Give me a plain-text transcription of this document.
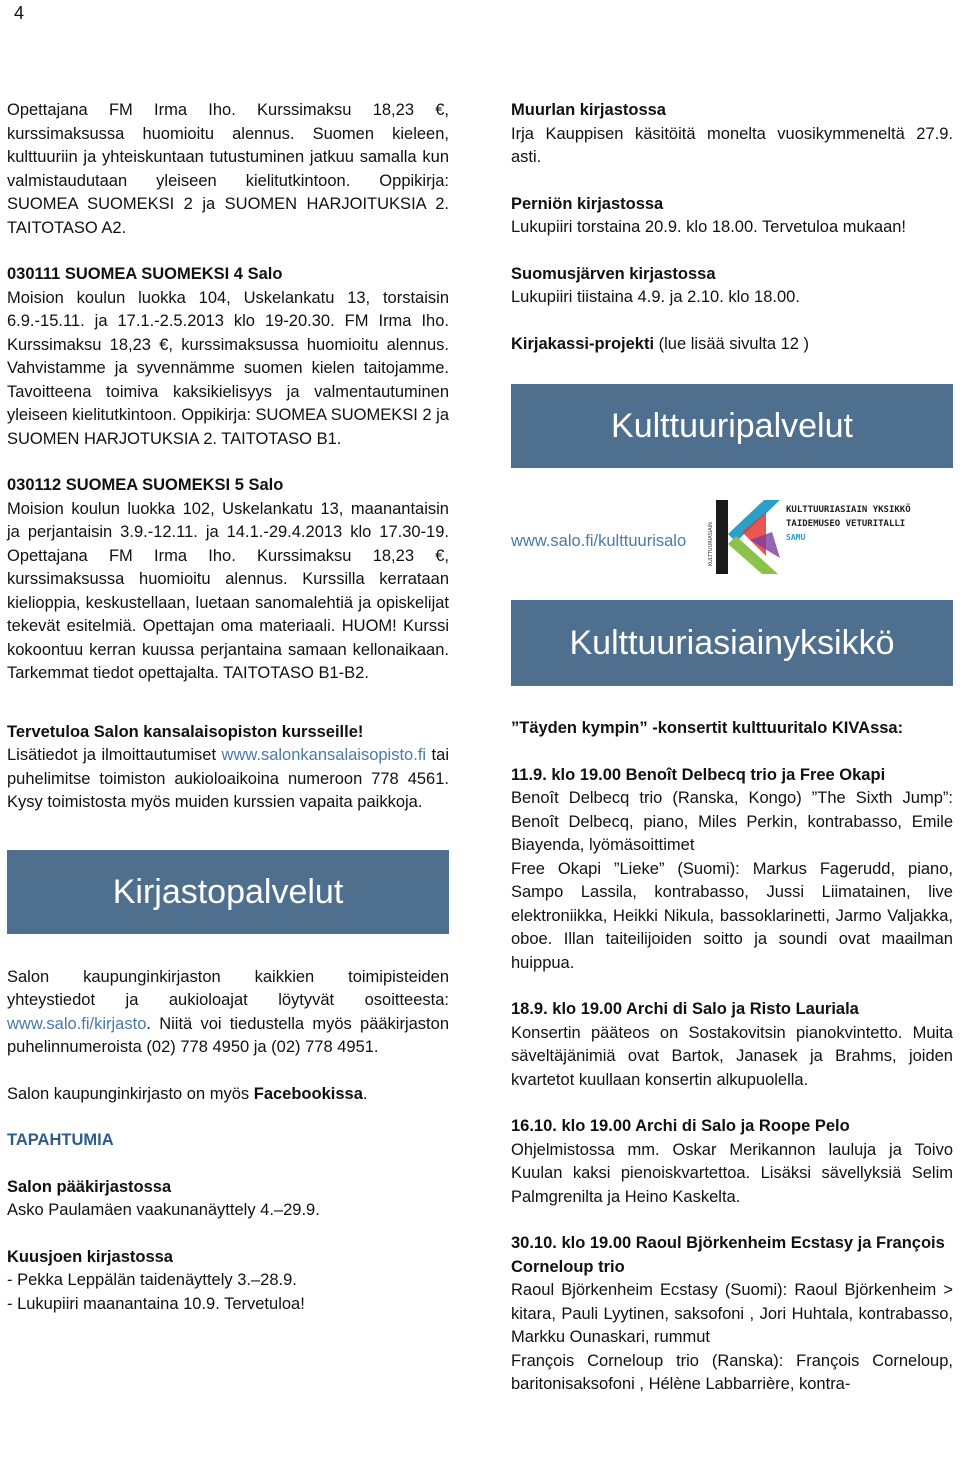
4

Opettajana FM Irma Iho. Kurssimaksu 18,23 €, kurssimaksussa huomioitu alennus. Suomen kieleen, kulttuuriin ja yhteiskuntaan tutustuminen jatkuu samalla kun valmistaudutaan yleiseen kielitutkintoon. Oppikirja: SUOMEA SUOMEKSI 2 ja SUOMEN HARJOITUKSIA 2. TAITOTASO A2.

030111 SUOMEA SUOMEKSI 4 Salo

Moision koulun luokka 104, Uskelankatu 13, torstaisin 6.9.-15.11. ja 17.1.-2.5.2013 klo 19-20.30. FM Irma Iho. Kurssimaksu 18,23 €, kurssimaksussa huomioitu alennus. Vahvistamme ja syvennämme suomen kielen taitojamme. Tavoitteena toimiva kaksikielisyys ja valmentautuminen yleiseen kielitutkintoon. Oppikirja: SUOMEA SUOMEKSI 2 ja SUOMEN HARJOTUKSIA 2. TAITOTASO B1.

030112 SUOMEA SUOMEKSI 5 Salo

Moision koulun luokka 102, Uskelankatu 13, maanantaisin ja perjantaisin 3.9.-12.11. ja 14.1.-29.4.2013 klo 17.30-19. Opettajana FM Irma Iho. Kurssimaksu 18,23 €, kurssimaksussa huomioitu alennus. Kurssilla kerrataan kielioppia, keskustellaan, luetaan sanomalehtiä ja opiskelijat tekevät esitelmiä. Opettajan oma materiaali. HUOM! Kurssi kokoontuu kerran kuussa perjantaina samaan kellonaikaan. Tarkemmat tiedot opettajalta. TAITOTASO B1-B2.

Tervetuloa Salon kansalaisopiston kursseille!

Lisätiedot ja ilmoittautumiset www.salonkansalaisopisto.fi tai puhelimitse toimiston aukioloaikoina numeroon 778 4561. Kysy toimistosta myös muiden kurssien vapaita paikkoja.

Kirjastopalvelut

Salon kaupunginkirjaston kaikkien toimipisteiden yhteystiedot ja aukioloajat löytyvät osoitteesta: www.salo.fi/kirjasto. Niitä voi tiedustella myös pääkirjaston puhelinnumeroista (02) 778 4950 ja (02) 778 4951.

Salon kaupunginkirjasto on myös Facebookissa.

TAPAHTUMIA
Salon pääkirjastossa
Asko Paulamäen vaakunanäyttely 4.–29.9.
Kuusjoen kirjastossa
- Pekka Leppälän taidenäyttely 3.–28.9.
- Lukupiiri maanantaina 10.9. Tervetuloa!
Muurlan kirjastossa

Irja Kauppisen käsitöitä monelta vuosikymmeneltä 27.9. asti.

Perniön kirjastossa

Lukupiiri torstaina 20.9. klo 18.00. Tervetuloa mukaan!

Suomusjärven kirjastossa

Lukupiiri tiistaina 4.9. ja 2.10. klo 18.00.

Kirjakassi-projekti (lue lisää sivulta 12 )

Kulttuuripalvelut
www.salo.fi/kulttuurisalo	KULTTUURIASIAIN
KULTTUURIASIAIN YKSIKKÖ
TAIDEMUSEO VETURITALLI
SAMU
Kulttuuriasiainyksikkö

”Täyden kympin” -konsertit kulttuuritalo KIVAssa:

11.9. klo 19.00 Benoît Delbecq trio ja Free Okapi
Benoît Delbecq trio (Ranska, Kongo) ”The Sixth Jump”: Benoît Delbecq, piano, Miles Perkin, kontrabasso, Emile Biayenda, lyömäsoittimet

Free Okapi ”Lieke” (Suomi): Markus Fagerudd, piano, Sampo Lassila, kontrabasso, Jussi Liimatainen, live elektroniikka, Heikki Nikula, bassoklarinetti, Jarmo Valjakka, oboe. Illan taiteilijoiden soitto ja soundi ovat maailman huippua.

18.9. klo 19.00 Archi di Salo ja Risto Lauriala

Konsertin pääteos on Sostakovitsin pianokvintetto. Muita säveltäjänimiä ovat Bartok, Janasek ja Brahms, joiden kvartetot kuullaan konsertin alkupuolella.

16.10. klo 19.00 Archi di Salo ja Roope Pelo

Ohjelmistossa mm. Oskar Merikannon lauluja ja Toivo Kuulan kaksi pienoiskvartettoa. Lisäksi sävellyksiä Selim Palmgrenilta ja Heino Kaskelta.

30.10. klo 19.00 Raoul Björkenheim Ecstasy ja François Corneloup trio
Raoul Björkenheim Ecstasy (Suomi): Raoul Björkenheim > kitara, Pauli Lyytinen, saksofoni , Jori Huhtala, kontrabasso, Markku Ounaskari, rummut
François Corneloup trio (Ranska): François Corneloup, baritonisaksofoni , Hélène Labbarrière, kontra-
